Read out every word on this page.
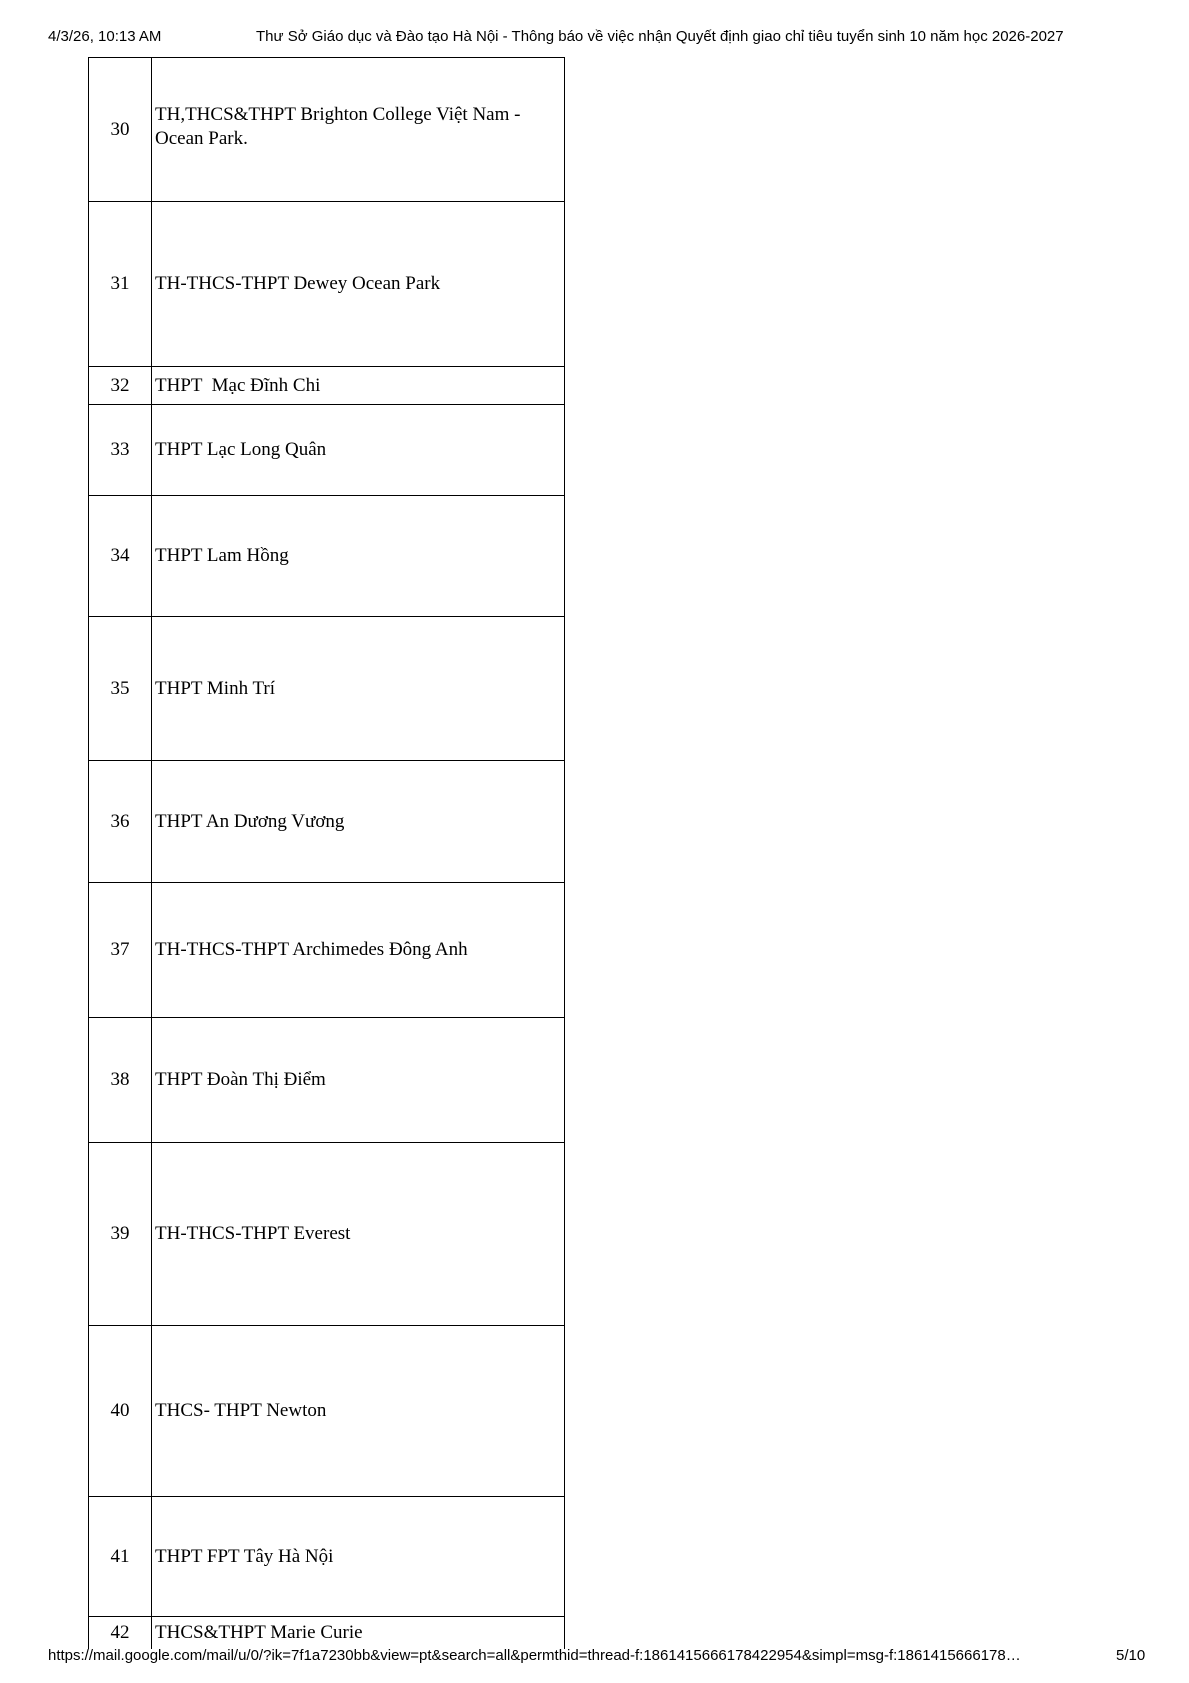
4/3/26, 10:13 AM	Thư Sở Giáo dục và Đào tạo Hà Nội - Thông báo về việc nhận Quyết định giao chỉ tiêu tuyển sinh 10 năm học 2026-2027
30	TH,THCS&THPT Brighton College Việt Nam - Ocean Park.
31	TH-THCS-THPT Dewey Ocean Park
32	THPT  Mạc Đĩnh Chi
33	THPT Lạc Long Quân
34	THPT Lam Hồng
35	THPT Minh Trí
36	THPT An Dương Vương
37	TH-THCS-THPT Archimedes Đông Anh
38	THPT Đoàn Thị Điểm
39	TH-THCS-THPT Everest
40	THCS- THPT Newton
41	THPT FPT Tây Hà Nội
42	THCS&THPT Marie Curie
https://mail.google.com/mail/u/0/?ik=7f1a7230bb&view=pt&search=all&permthid=thread-f:1861415666178422954&simpl=msg-f:1861415666178…	5/10
